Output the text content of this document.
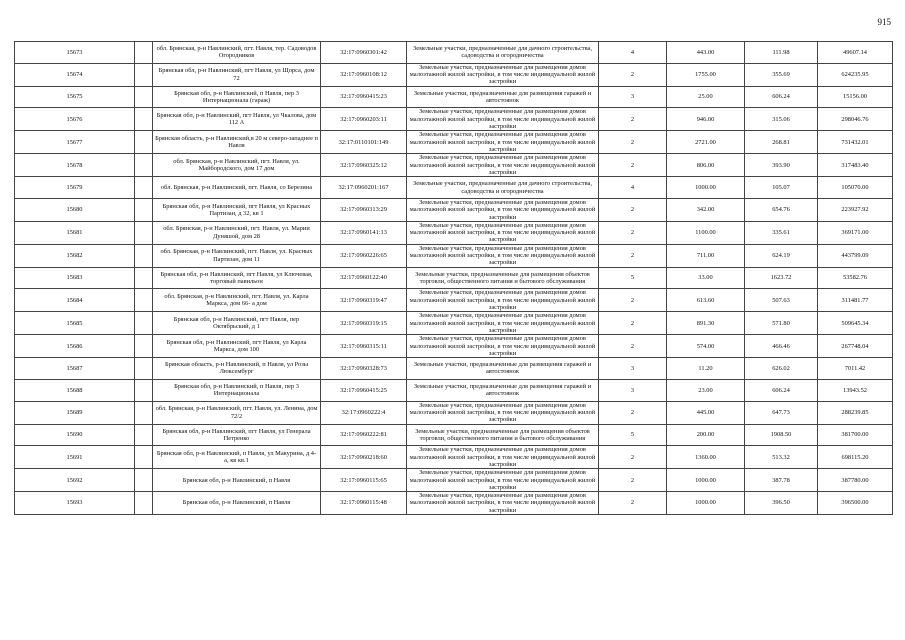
915
15673		обл. Брянская, р-н Навлинский, пгт. Навля, тер. Садоводов Огородников	32:17:0960301:42	Земельные участки, предназначенные для дачного строительства, садоводства и огородничества	4	443.00	111.98	49607.14
15674		Брянская обл, р-н Навлинский, пгт Навля, ул Щорса, дом 72	32:17:0960108:12	Земельные участки, предназначенные для размещения домов малоэтажной жилой застройки, в том числе индивидуальной жилой застройки	2	1755.00	355.69	624235.95
15675		Брянская обл, р-н Навлинский, п Навля, пер 3 Интернационала (гараж)	32:17:0960415:23	Земельные участки, предназначенные для размещения гаражей и автостоянок	3	25.00	606.24	15156.00
15676		Брянская обл, р-н Навлинский, пгт Навля, ул Чкалова, дом 112 А	32:17:0960203:11	Земельные участки, предназначенные для размещения домов малоэтажной жилой застройки, в том числе индивидуальной жилой застройки	2	946.00	315.06	298046.76
15677		Брянская область, р-н Навлинский,в 20 м северо-западнее п Навля	32:17:0110101:149	Земельные участки, предназначенные для размещения домов малоэтажной жилой застройки, в том числе индивидуальной жилой застройки	2	2721.00	268.81	731432.01
15678		обл. Брянская, р-н Навлинский, пгт. Навля, ул. Майбородского, дом 17 дом	32:17:0960325:12	Земельные участки, предназначенные для размещения домов малоэтажной жилой застройки, в том числе индивидуальной жилой застройки	2	806.00	393.90	317483.40
15679		обл. Брянская, р-н Навлинский, пгт. Навля, со Березина	32:17:0960201:167	Земельные участки, предназначенные для дачного строительства, садоводства и огородничества	4	1000.00	105.07	105070.00
15680		Брянская обл, р-н Навлинский, пгт Навля, ул Красных Партизан, д 32, кв 1	32:17:0960313:29	Земельные участки, предназначенные для размещения домов малоэтажной жилой застройки, в том числе индивидуальной жилой застройки	2	342.00	654.76	223927.92
15681		обл. Брянская, р-н Навлинский, пгт. Навля, ул. Марии Дуняшой, дом 28	32:17:0960141:13	Земельные участки, предназначенные для размещения домов малоэтажной жилой застройки, в том числе индивидуальной жилой застройки	2	1100.00	335.61	369171.00
15682		обл. Брянская, р-н Навлинский, пгт. Навля, ул. Красных Партизан, дом 11	32:17:0960226:65	Земельные участки, предназначенные для размещения домов малоэтажной жилой застройки, в том числе индивидуальной жилой застройки	2	711.00	624.19	443799.09
15683		Брянская обл, р-н Навлинский, пгт Навля, ул Ключевая, торговый павильон	32:17:0960122:40	Земельные участки, предназначенные для размещения объектов торговли, общественного питания и бытового обслуживания	5	33.00	1623.72	53582.76
15684		обл. Брянская, р-н Навлинский, пгт. Навля, ул. Карла Маркса, дом 66- а дом	32:17:0960319:47	Земельные участки, предназначенные для размещения домов малоэтажной жилой застройки, в том числе индивидуальной жилой застройки	2	613.60	507.63	311481.77
15685		Брянская обл, р-н Навлинский, пгт Навля, пер Октябрьский, д 1	32:17:0960319:15	Земельные участки, предназначенные для размещения домов малоэтажной жилой застройки, в том числе индивидуальной жилой застройки	2	891.30	571.80	509645.34
15686		Брянская обл, р-н Навлинский, пгт Навля, ул Карла Маркса, дом 100	32:17:0960315:11	Земельные участки, предназначенные для размещения домов малоэтажной жилой застройки, в том числе индивидуальной жилой застройки	2	574.00	466.46	267748.04
15687		Брянская область, р-н Навлинский, п Навля, ул Розы Люксембург	32:17:0960328:73	Земельные участки, предназначенные для размещения гаражей и автостоянок	3	11.20	626.02	7011.42
15688		Брянская обл, р-н Навлинский, п Навля, пер 3 Интернационала	32:17:0960415:25	Земельные участки, предназначенные для размещения гаражей и автостоянок	3	23.00	606.24	13943.52
15689		обл. Брянская, р-н Навлинский, пгт. Навля, ул. Ленина, дом 72/2	32:17:0960222:4	Земельные участки, предназначенные для размещения домов малоэтажной жилой застройки, в том числе индивидуальной жилой застройки	2	445.00	647.73	288239.85
15690		Брянская обл, р-н Навлинский, пгт Навля, ул Генерала Петренко	32:17:0960222:81	Земельные участки, предназначенные для размещения объектов торговли, общественного питания и бытового обслуживания	5	200.00	1908.50	381700.00
15691		Брянская обл, р-н Навлинский, п Навля, ул Макурина, д 4-а, кв кв.1	32:17:0960218:60	Земельные участки, предназначенные для размещения домов малоэтажной жилой застройки, в том числе индивидуальной жилой застройки	2	1360.00	513.32	698115.20
15692		Брянская обл, р-н Навлинский, п Навля	32:17:0960115:65	Земельные участки, предназначенные для размещения домов малоэтажной жилой застройки, в том числе индивидуальной жилой застройки	2	1000.00	387.78	387780.00
15693		Брянская обл, р-н Навлинский, п Навля	32:17:0960115:48	Земельные участки, предназначенные для размещения домов малоэтажной жилой застройки, в том числе индивидуальной жилой застройки	2	1000.00	396.50	396500.00
